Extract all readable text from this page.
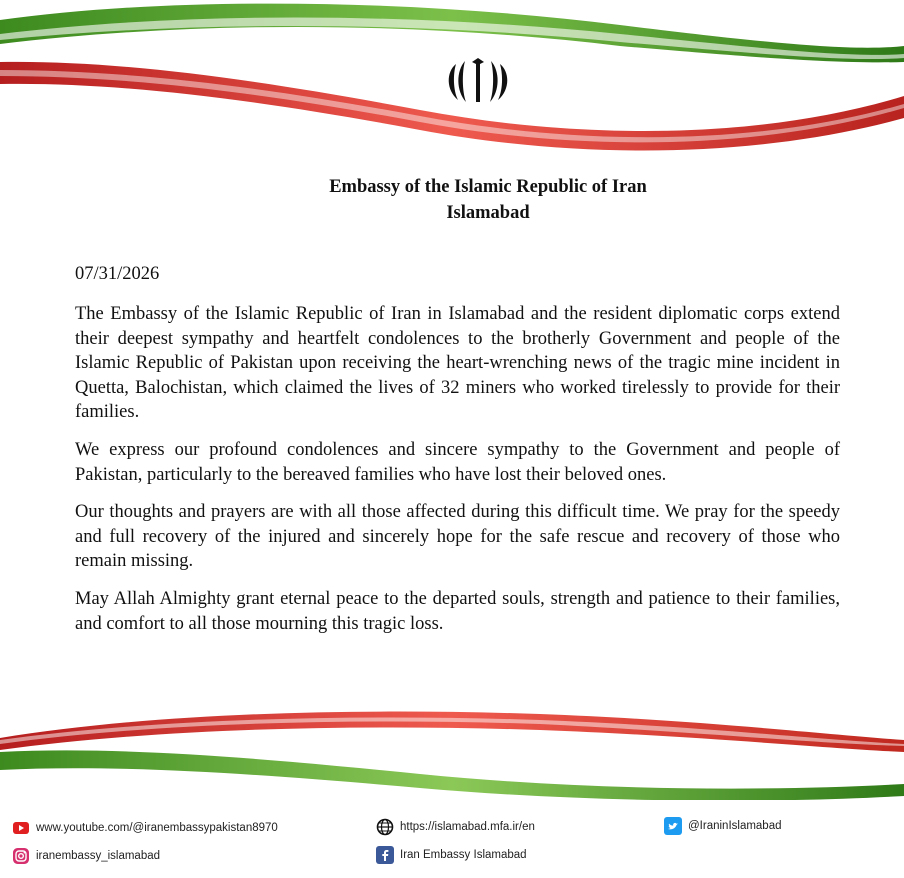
Embassy of the Islamic Republic of Iran
Islamabad
07/31/2026

The Embassy of the Islamic Republic of Iran in Islamabad and the resident diplomatic corps extend their deepest sympathy and heartfelt condolences to the brotherly Government and people of the Islamic Republic of Pakistan upon receiving the heart-wrenching news of the tragic mine incident in Quetta, Balochistan, which claimed the lives of 32 miners who worked tirelessly to provide for their families.

We express our profound condolences and sincere sympathy to the Government and people of Pakistan, particularly to the bereaved families who have lost their beloved ones.

Our thoughts and prayers are with all those affected during this difficult time. We pray for the speedy and full recovery of the injured and sincerely hope for the safe rescue and recovery of those who remain missing.

May Allah Almighty grant eternal peace to the departed souls, strength and patience to their families, and comfort to all those mourning this tragic loss.

www.youtube.com/@iranembassypakistan8970	https://islamabad.mfa.ir/en	@IraninIslamabad
iranembassy_islamabad	Iran Embassy Islamabad
